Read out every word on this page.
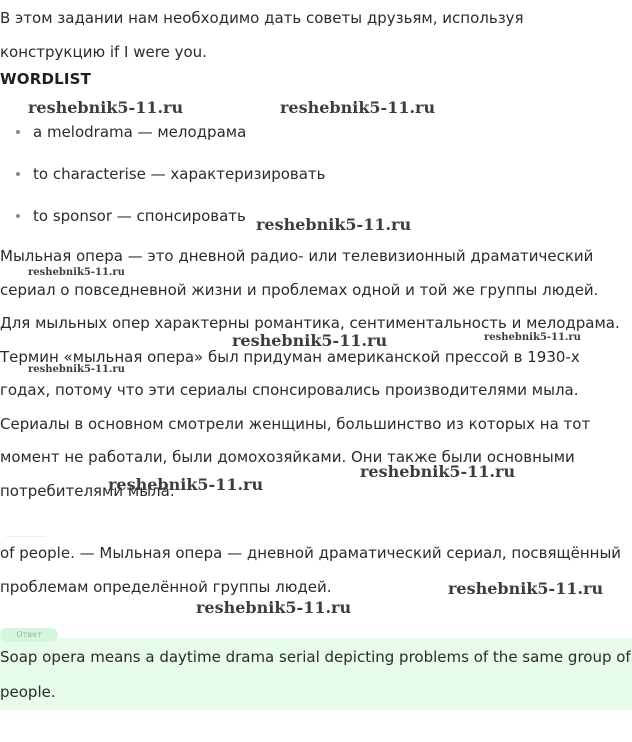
В этом задании нам необходимо дать советы друзьям, используя конструкцию if I were you.

WORDLIST
a melodrama — мелодрама
to characterise — характеризировать
to sponsor — спонсировать

Мыльная опера — это дневной радио- или телевизионный драматический сериал о повседневной жизни и проблемах одной и той же группы людей. Для мыльных опер характерны романтика, сентиментальность и мелодрама. Термин «мыльная опера» был придуман американской прессой в 1930-х годах, потому что эти сериалы спонсировались производителями мыла. Сериалы в основном смотрели женщины, большинство из которых на тот момент не работали, были домохозяйками. Они также были основными потребителями мыла.

of people. — Мыльная опера — дневной драматический сериал, посвящённый проблемам определённой группы людей.

Ответ

Soap opera means a daytime drama serial depicting problems of the same group of people.

reshebnik5-11.ru	reshebnik5-11.ru
reshebnik5-11.ru
reshebnik5-11.ru
reshebnik5-11.ru	reshebnik5-11.ru
reshebnik5-11.ru
reshebnik5-11.ru
reshebnik5-11.ru
reshebnik5-11.ru
reshebnik5-11.ru
